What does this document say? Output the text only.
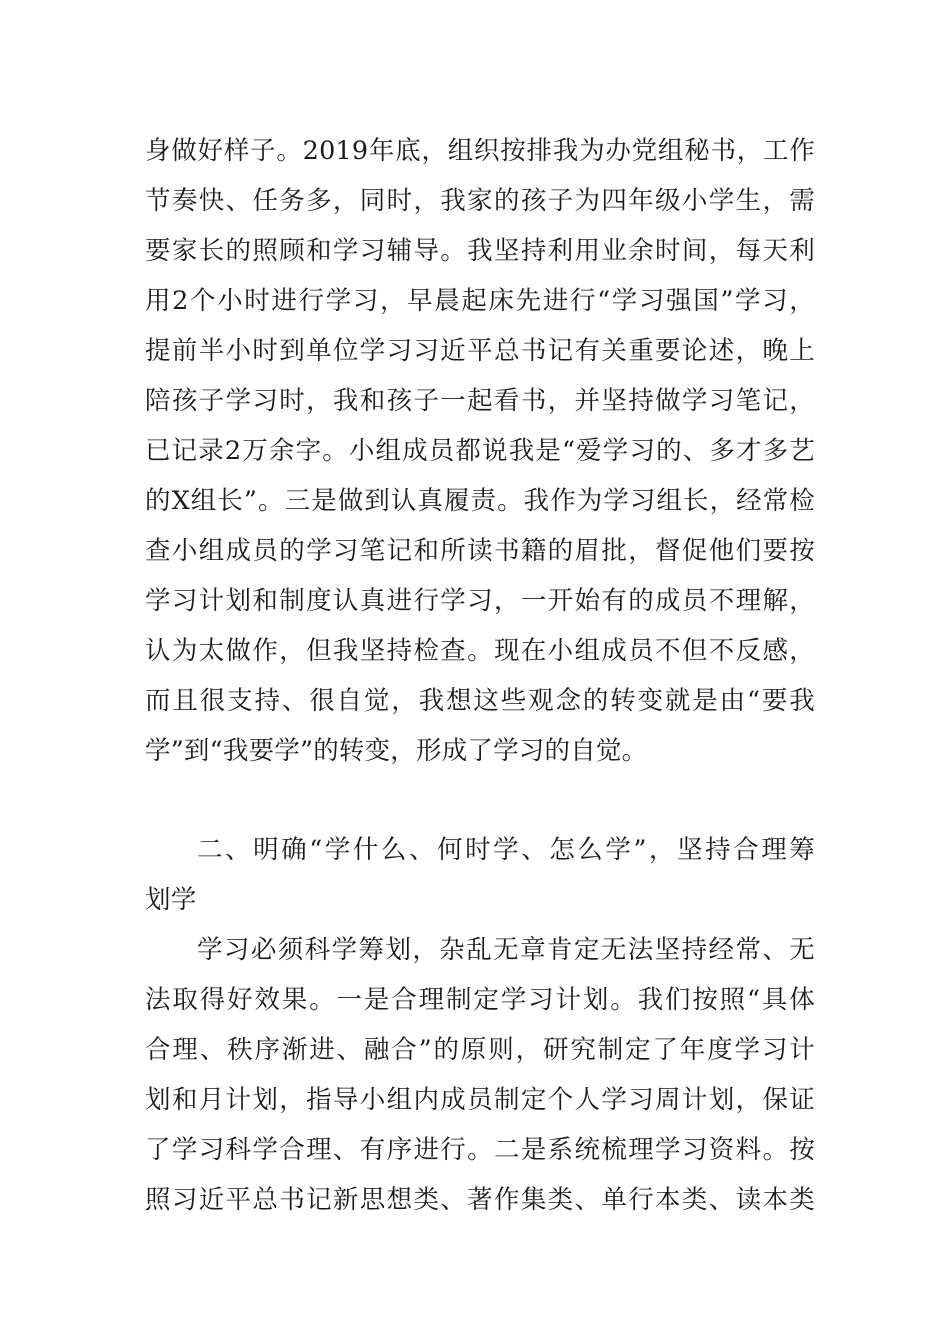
身做好样子。2019年底，组织按排我为办党组秘书，工作
节奏快、任务多，同时，我家的孩子为四年级小学生，需
要家长的照顾和学习辅导。我坚持利用业余时间，每天利
用2个小时进行学习，早晨起床先进行“学习强国”学习，
提前半小时到单位学习习近平总书记有关重要论述，晚上
陪孩子学习时，我和孩子一起看书，并坚持做学习笔记，
已记录2万余字。小组成员都说我是“爱学习的、多才多艺
的X组长”。三是做到认真履责。我作为学习组长，经常检
查小组成员的学习笔记和所读书籍的眉批，督促他们要按
学习计划和制度认真进行学习，一开始有的成员不理解，
认为太做作，但我坚持检查。现在小组成员不但不反感，
而且很支持、很自觉，我想这些观念的转变就是由“要我
学”到“我要学”的转变，形成了学习的自觉。
二、明确“学什么、何时学、怎么学”，坚持合理筹
划学
学习必须科学筹划，杂乱无章肯定无法坚持经常、无
法取得好效果。一是合理制定学习计划。我们按照“具体
合理、秩序渐进、融合”的原则，研究制定了年度学习计
划和月计划，指导小组内成员制定个人学习周计划，保证
了学习科学合理、有序进行。二是系统梳理学习资料。按
照习近平总书记新思想类、著作集类、单行本类、读本类
